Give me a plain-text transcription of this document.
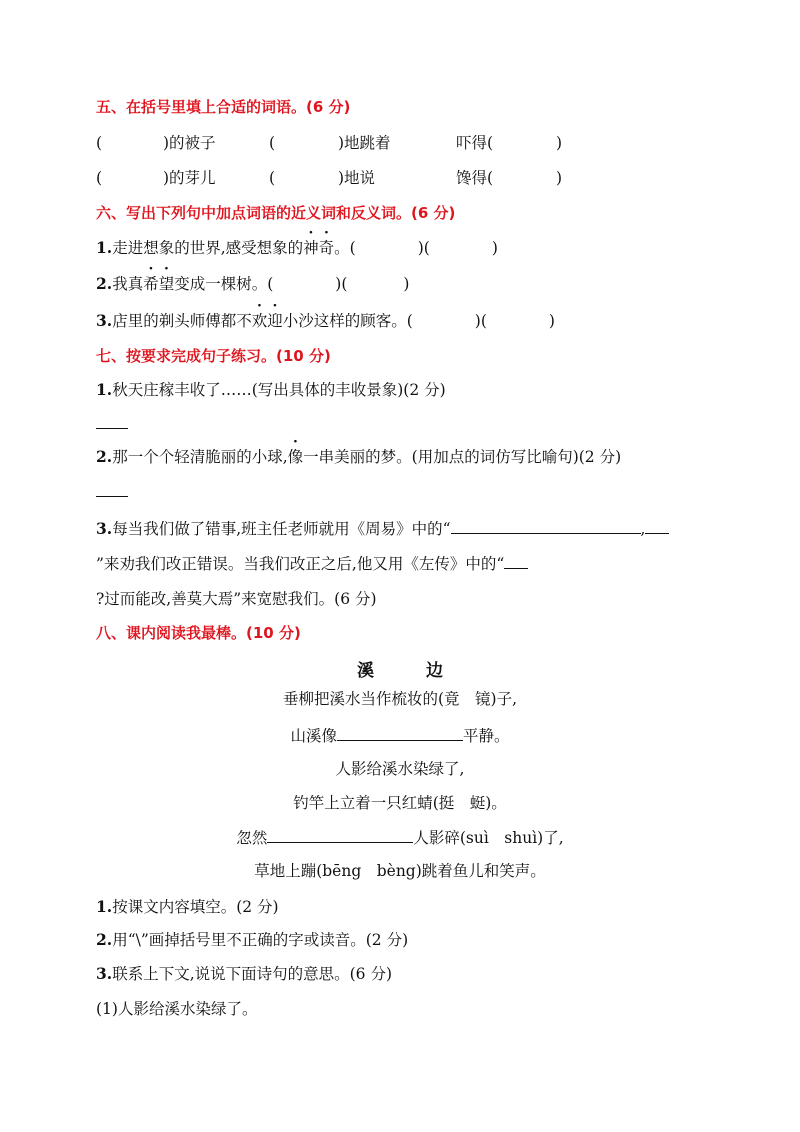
五、在括号里填上合适的词语。(6 分)
(	)的被子	(	)地跳着	吓得(	)
(	)的芽儿	(	)地说	馋得(	)
六、写出下列句中加点词语的近义词和反义词。(6 分)
1.走进想象的世界,感受想象的神奇。(	)(	)
2.我真希望变成一棵树。(	)(	)
3.店里的剃头师傅都不欢迎小沙这样的顾客。(	)(	)
七、按要求完成句子练习。(10 分)
1.秋天庄稼丰收了……(写出具体的丰收景象)(2 分)
2.那一个个轻清脆丽的小球,像一串美丽的梦。(用加点的词仿写比喻句)(2 分)
3.每当我们做了错事,班主任老师就用《周易》中的“	,
”来劝我们改正错误。当我们改正之后,他又用《左传》中的“
?过而能改,善莫大焉”来宽慰我们。(6 分)
八、课内阅读我最棒。(10 分)
溪 边
垂柳把溪水当作梳妆的(竟　镜)子,
山溪像	平静。
人影给溪水染绿了,
钓竿上立着一只红蜻(挺　蜓)。
忽然	人影碎(suì　shuì)了,
草地上蹦(bēng　bèng)跳着鱼儿和笑声。
1.按课文内容填空。(2 分)
2.用“\”画掉括号里不正确的字或读音。(2 分)
3.联系上下文,说说下面诗句的意思。(6 分)
(1)人影给溪水染绿了。
